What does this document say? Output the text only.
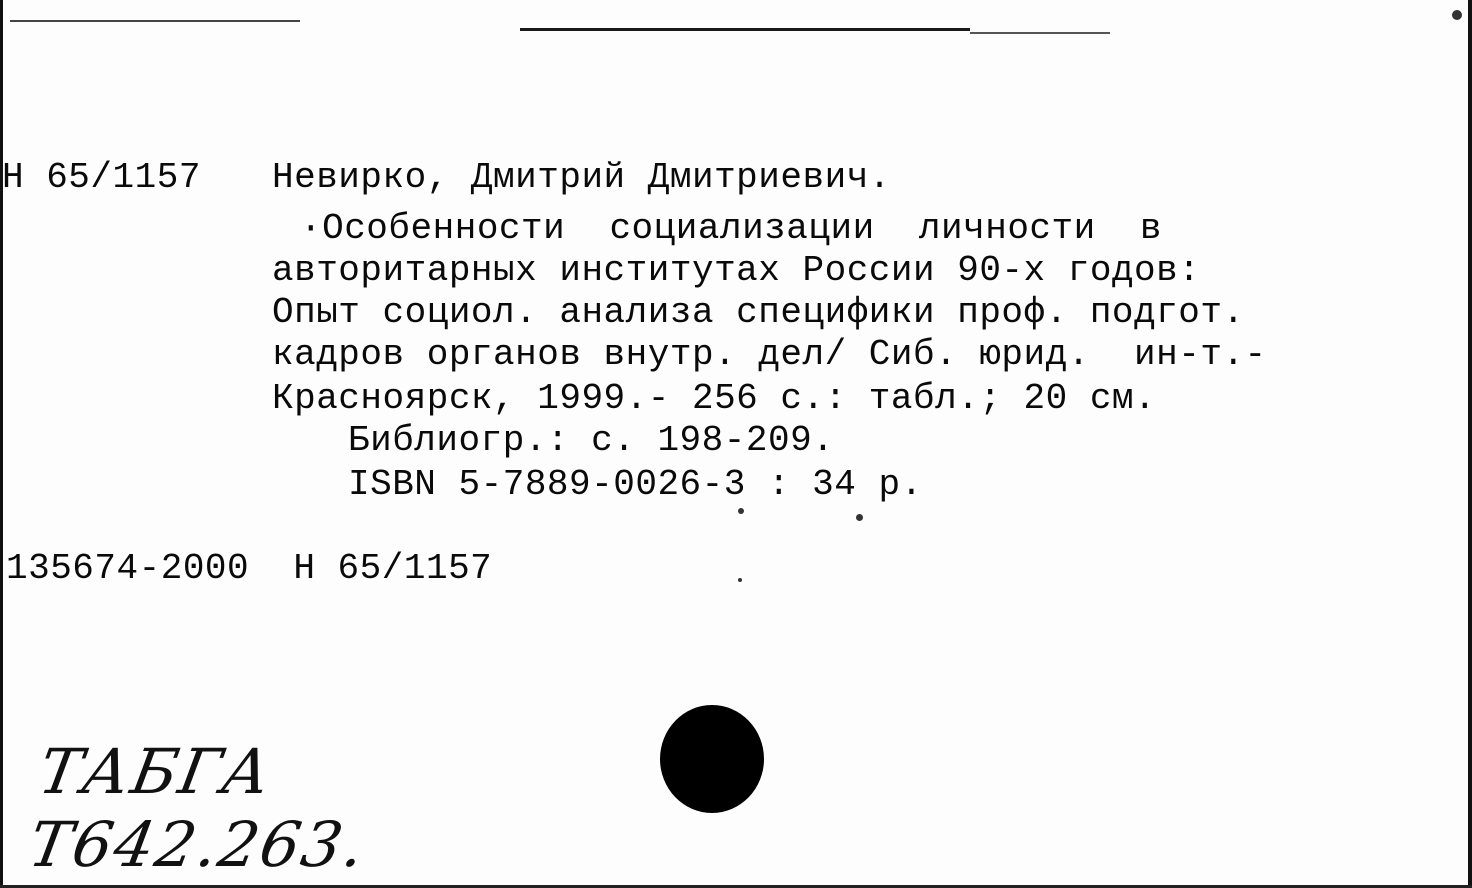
Н 65/1157 Невирко, Дмитрий Дмитриевич.
·Особенности  социализации  личности  в
авторитарных институтах России 90-х годов:
Опыт социол. анализа специфики проф. подгот.
кадров органов внутр. дел/ Сиб. юрид.  ин-т.-
Красноярск, 1999.- 256 с.: табл.; 20 см.
Библиогр.: с. 198-209.
ISBN 5-7889-0026-3 : 34 р.
135674-2000  Н 65/1157
ТАБГА
Т642.263.
